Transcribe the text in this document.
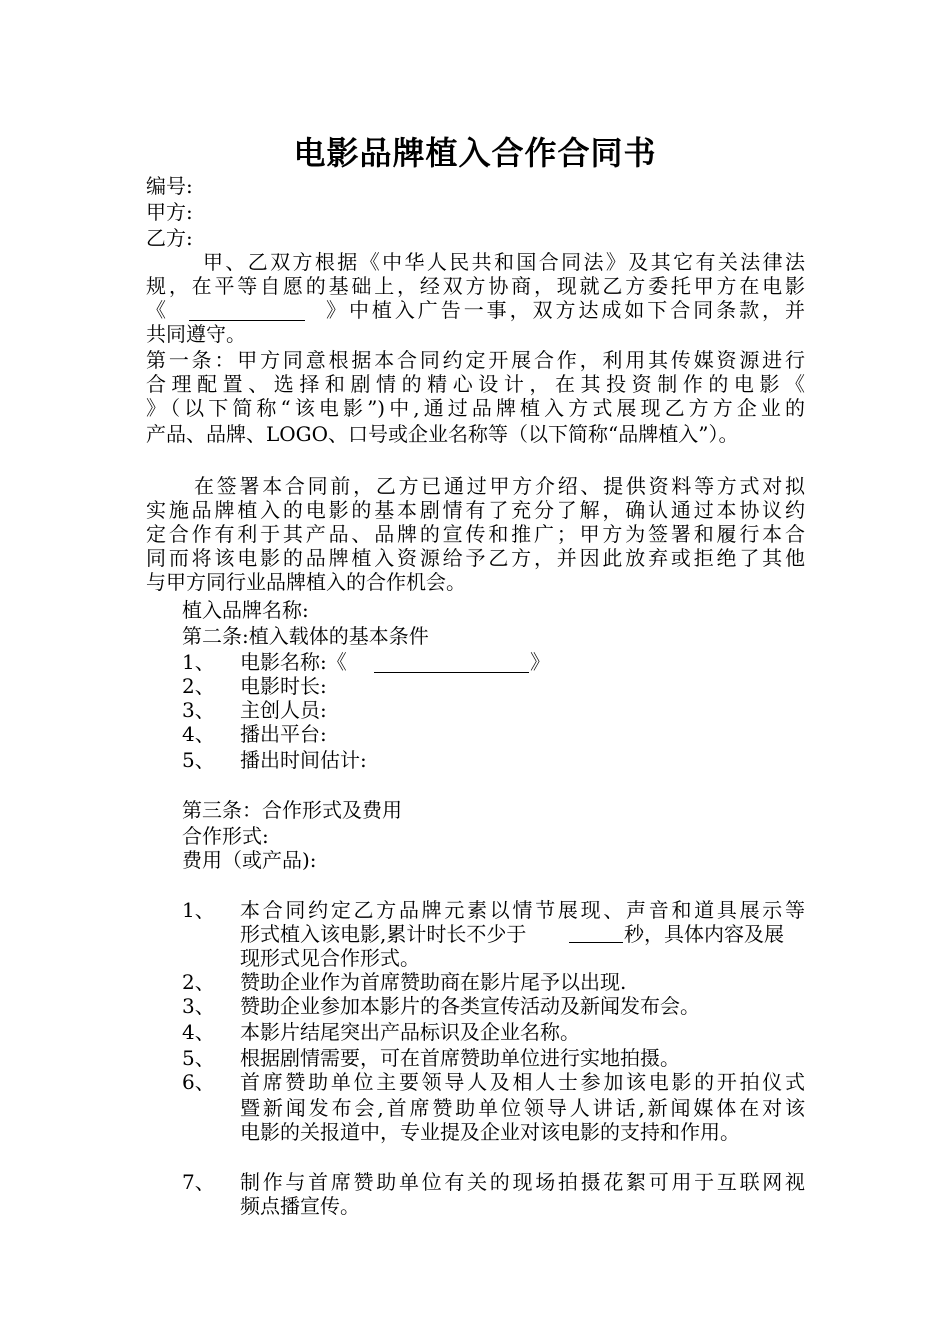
电影品牌植入合作合同书
编号:
甲方:
乙方:
甲、乙双方根据《中华人民共和国合同法》及其它有关法律法
规，在平等自愿的基础上，经双方协商，现就乙方委托甲方在电影
《	》中植入广告一事，双方达成如下合同条款，并
共同遵守。
第一条：甲方同意根据本合同约定开展合作，利用其传媒资源进行
合理配置、选择和剧情的精心设计，在其投资制作的电影《
》（以下简称“该电影”)中,通过品牌植入方式展现乙方方企业的
产品、品牌、LOGO、口号或企业名称等（以下简称“品牌植入”）。
在签署本合同前，乙方已通过甲方介绍、提供资料等方式对拟
实施品牌植入的电影的基本剧情有了充分了解，确认通过本协议约
定合作有利于其产品、品牌的宣传和推广；甲方为签署和履行本合
同而将该电影的品牌植入资源给予乙方，并因此放弃或拒绝了其他
与甲方同行业品牌植入的合作机会。
植入品牌名称:
第二条:植入载体的基本条件
1、 电影名称:《	》
2、 电影时长:
3、 主创人员:
4、 播出平台:
5、 播出时间估计:
第三条：合作形式及费用
合作形式:
费用（或产品):
1、 本合同约定乙方品牌元素以情节展现、声音和道具展示等
形式植入该电影,累计时长不少于	秒，具体内容及展
现形式见合作形式。
2、 赞助企业作为首席赞助商在影片尾予以出现.
3、 赞助企业参加本影片的各类宣传活动及新闻发布会。
4、 本影片结尾突出产品标识及企业名称。
5、 根据剧情需要，可在首席赞助单位进行实地拍摄。
6、 首席赞助单位主要领导人及相人士参加该电影的开拍仪式
暨新闻发布会,首席赞助单位领导人讲话,新闻媒体在对该
电影的关报道中，专业提及企业对该电影的支持和作用。
7、 制作与首席赞助单位有关的现场拍摄花絮可用于互联网视
频点播宣传。
